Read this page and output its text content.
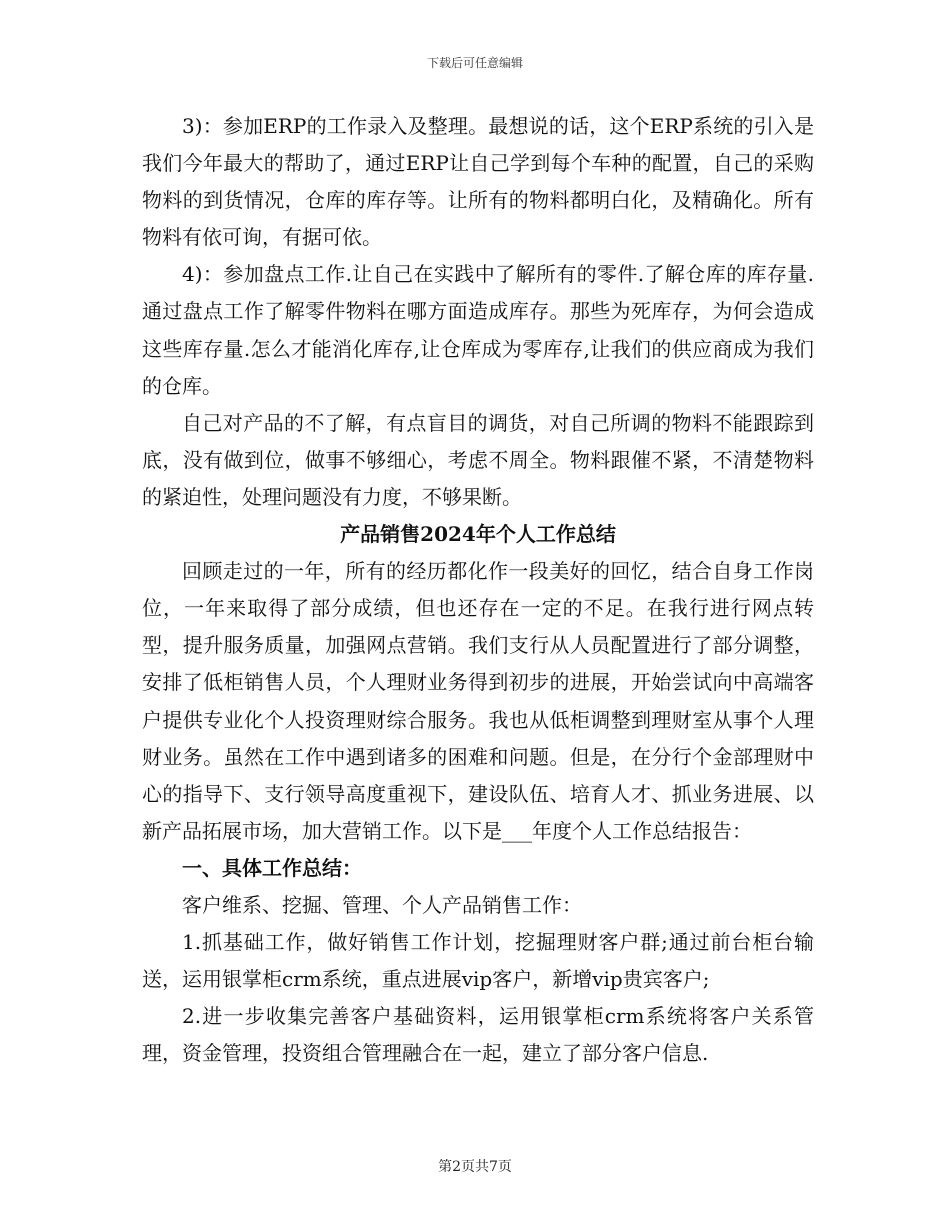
下载后可任意编辑

3)：参加ERP的工作录入及整理。最想说的话，这个ERP系统的引入是我们今年最大的帮助了，通过ERP让自己学到每个车种的配置，自己的采购物料的到货情况，仓库的库存等。让所有的物料都明白化，及精确化。所有物料有依可询，有据可依。

4)：参加盘点工作.让自己在实践中了解所有的零件.了解仓库的库存量.通过盘点工作了解零件物料在哪方面造成库存。那些为死库存，为何会造成这些库存量.怎么才能消化库存,让仓库成为零库存,让我们的供应商成为我们的仓库。

自己对产品的不了解，有点盲目的调货，对自己所调的物料不能跟踪到底，没有做到位，做事不够细心，考虑不周全。物料跟催不紧，不清楚物料的紧迫性，处理问题没有力度，不够果断。

产品销售2024年个人工作总结

回顾走过的一年，所有的经历都化作一段美好的回忆，结合自身工作岗位，一年来取得了部分成绩，但也还存在一定的不足。在我行进行网点转型，提升服务质量，加强网点营销。我们支行从人员配置进行了部分调整，安排了低柜销售人员，个人理财业务得到初步的进展，开始尝试向中高端客户提供专业化个人投资理财综合服务。我也从低柜调整到理财室从事个人理财业务。虽然在工作中遇到诸多的困难和问题。但是，在分行个金部理财中心的指导下、支行领导高度重视下，建设队伍、培育人才、抓业务进展、以新产品拓展市场，加大营销工作。以下是___年度个人工作总结报告：

一、具体工作总结：

客户维系、挖掘、管理、个人产品销售工作：

1.抓基础工作，做好销售工作计划，挖掘理财客户群;通过前台柜台输送，运用银掌柜crm系统，重点进展vip客户，新增vip贵宾客户;

2.进一步收集完善客户基础资料，运用银掌柜crm系统将客户关系管理，资金管理，投资组合管理融合在一起，建立了部分客户信息.

第2页共7页
